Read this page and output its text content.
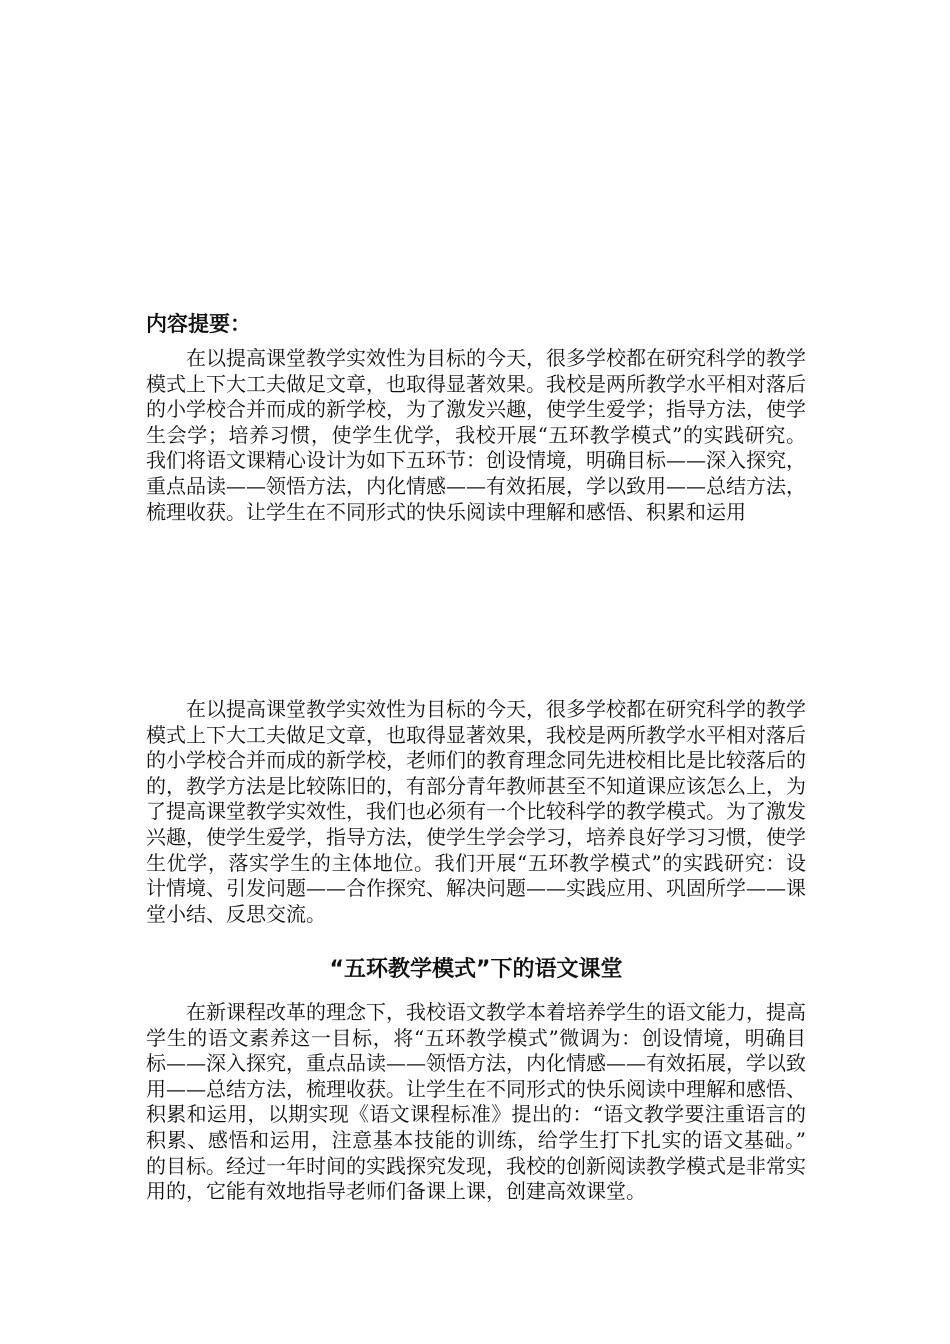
内容提要：

在以提高课堂教学实效性为目标的今天，很多学校都在研究科学的教学模式上下大工夫做足文章，也取得显著效果。我校是两所教学水平相对落后的小学校合并而成的新学校，为了激发兴趣，使学生爱学；指导方法，使学生会学；培养习惯，使学生优学，我校开展“五环教学模式”的实践研究。我们将语文课精心设计为如下五环节：创设情境，明确目标——深入探究，重点品读——领悟方法，内化情感——有效拓展，学以致用——总结方法，梳理收获。让学生在不同形式的快乐阅读中理解和感悟、积累和运用

在以提高课堂教学实效性为目标的今天，很多学校都在研究科学的教学模式上下大工夫做足文章，也取得显著效果，我校是两所教学水平相对落后的小学校合并而成的新学校，老师们的教育理念同先进校相比是比较落后的的，教学方法是比较陈旧的，有部分青年教师甚至不知道课应该怎么上，为了提高课堂教学实效性，我们也必须有一个比较科学的教学模式。为了激发兴趣，使学生爱学，指导方法，使学生学会学习，培养良好学习习惯，使学生优学，落实学生的主体地位。我们开展“五环教学模式”的实践研究：设计情境、引发问题——合作探究、解决问题——实践应用、巩固所学——课堂小结、反思交流。

“五环教学模式”下的语文课堂

在新课程改革的理念下，我校语文教学本着培养学生的语文能力，提高学生的语文素养这一目标，将“五环教学模式”微调为：创设情境，明确目标——深入探究，重点品读——领悟方法，内化情感——有效拓展，学以致用——总结方法，梳理收获。让学生在不同形式的快乐阅读中理解和感悟、积累和运用，以期实现《语文课程标准》提出的：“语文教学要注重语言的积累、感悟和运用，注意基本技能的训练，给学生打下扎实的语文基础。”的目标。经过一年时间的实践探究发现，我校的创新阅读教学模式是非常实用的，它能有效地指导老师们备课上课，创建高效课堂。
